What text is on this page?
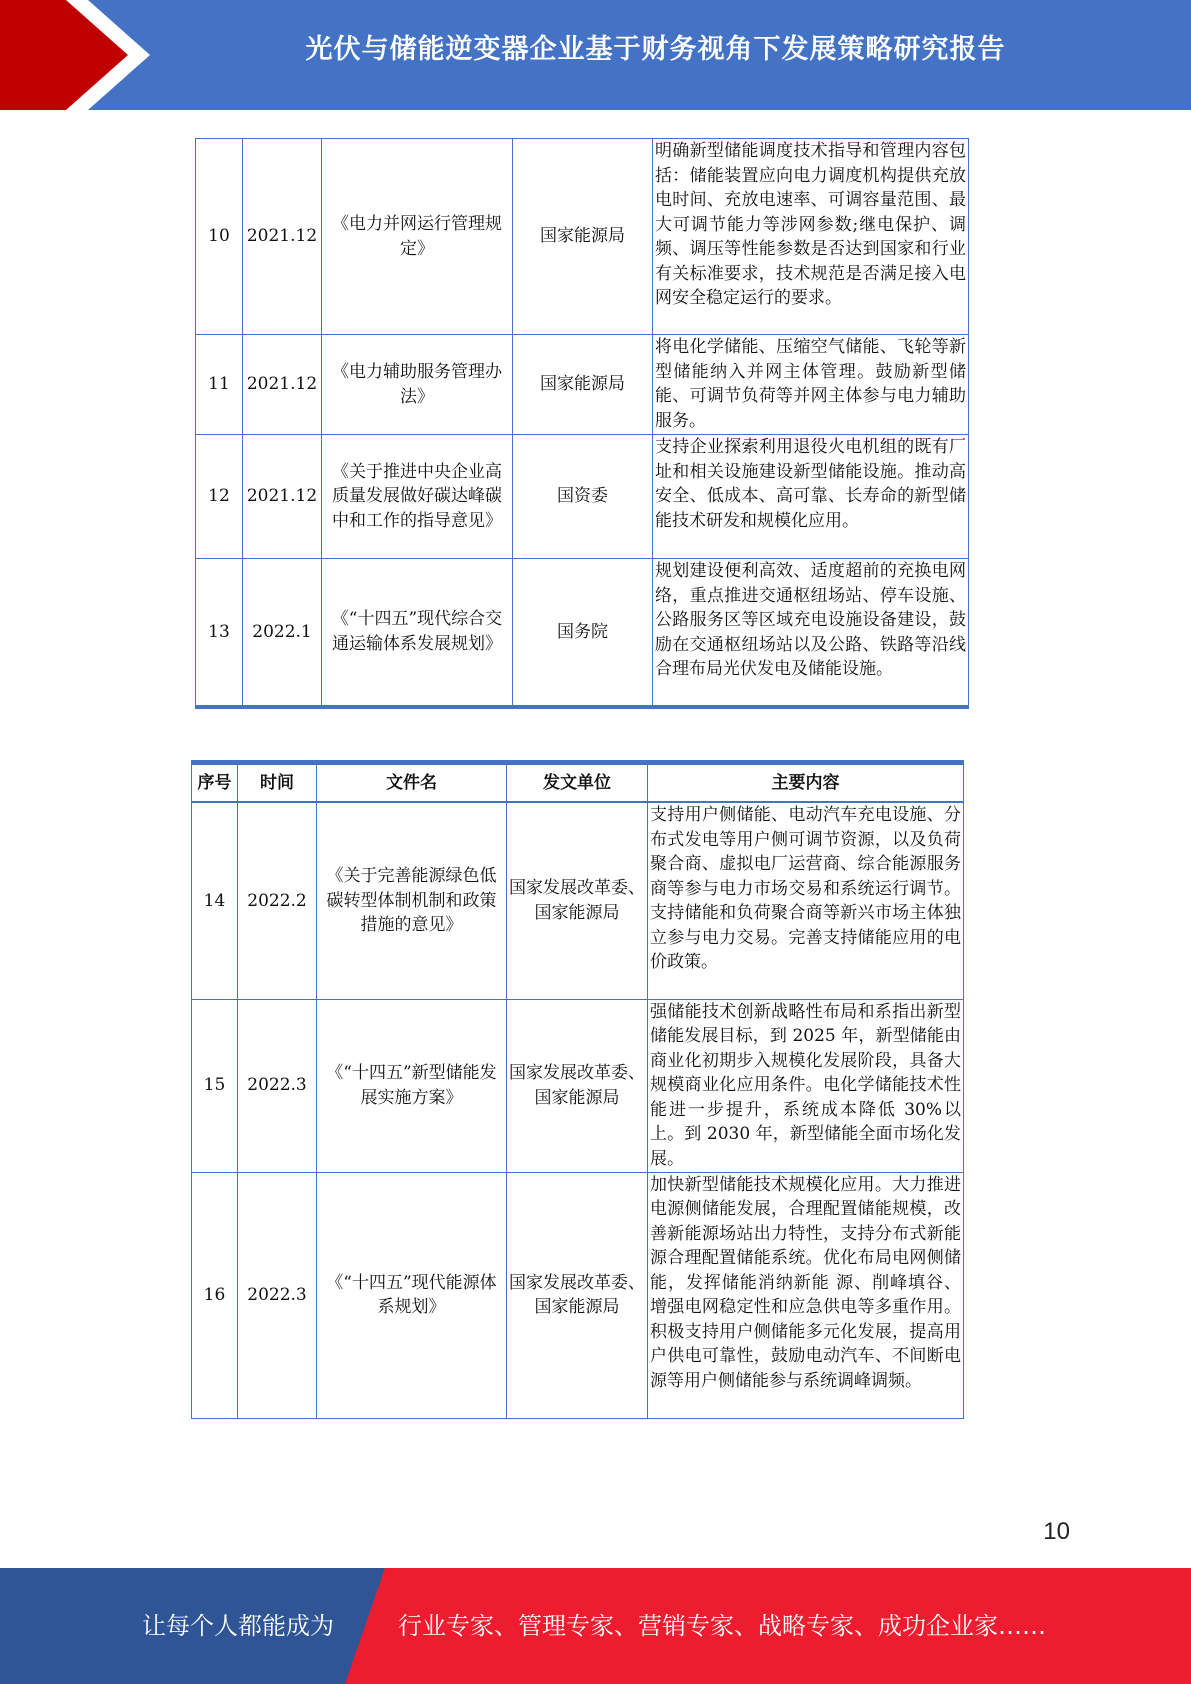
光伏与储能逆变器企业基于财务视角下发展策略研究报告
10	2021.12	《电力并网运行管理规定》	国家能源局	明确新型储能调度技术指导和管理内容包括：储能装置应向电力调度机构提供充放电时间、充放电速率、可调容量范围、最大可调节能力等涉网参数;继电保护、调频、调压等性能参数是否达到国家和行业有关标准要求，技术规范是否满足接入电网安全稳定运行的要求。
11	2021.12	《电力辅助服务管理办法》	国家能源局	将电化学储能、压缩空气储能、飞轮等新型储能纳入并网主体管理。鼓励新型储能、可调节负荷等并网主体参与电力辅助服务。
12	2021.12	《关于推进中央企业高质量发展做好碳达峰碳中和工作的指导意见》	国资委	支持企业探索利用退役火电机组的既有厂址和相关设施建设新型储能设施。推动高安全、低成本、高可靠、长寿命的新型储能技术研发和规模化应用。
13	2022.1	《“十四五”现代综合交通运输体系发展规划》	国务院	规划建设便利高效、适度超前的充换电网络，重点推进交通枢纽场站、停车设施、公路服务区等区域充电设施设备建设，鼓励在交通枢纽场站以及公路、铁路等沿线合理布局光伏发电及储能设施。
序号	时间	文件名	发文单位	主要内容
14	2022.2	《关于完善能源绿色低碳转型体制机制和政策措施的意见》	国家发展改革委、国家能源局	支持用户侧储能、电动汽车充电设施、分布式发电等用户侧可调节资源，以及负荷聚合商、虚拟电厂运营商、综合能源服务商等参与电力市场交易和系统运行调节。支持储能和负荷聚合商等新兴市场主体独立参与电力交易。完善支持储能应用的电价政策。
15	2022.3	《“十四五”新型储能发展实施方案》	国家发展改革委、国家能源局	强储能技术创新战略性布局和系指出新型储能发展目标，到 2025 年，新型储能由商业化初期步入规模化发展阶段，具备大规模商业化应用条件。电化学储能技术性能进一步提升，系统成本降低 30%以上。到 2030 年，新型储能全面市场化发展。
16	2022.3	《“十四五”现代能源体系规划》	国家发展改革委、国家能源局	加快新型储能技术规模化应用。大力推进电源侧储能发展，合理配置储能规模，改善新能源场站出力特性，支持分布式新能源合理配置储能系统。优化布局电网侧储能，发挥储能消纳新能 源、削峰填谷、增强电网稳定性和应急供电等多重作用。积极支持用户侧储能多元化发展，提高用户供电可靠性，鼓励电动汽车、不间断电源等用户侧储能参与系统调峰调频。
10
让每个人都能成为	行业专家、管理专家、营销专家、战略专家、成功企业家……
